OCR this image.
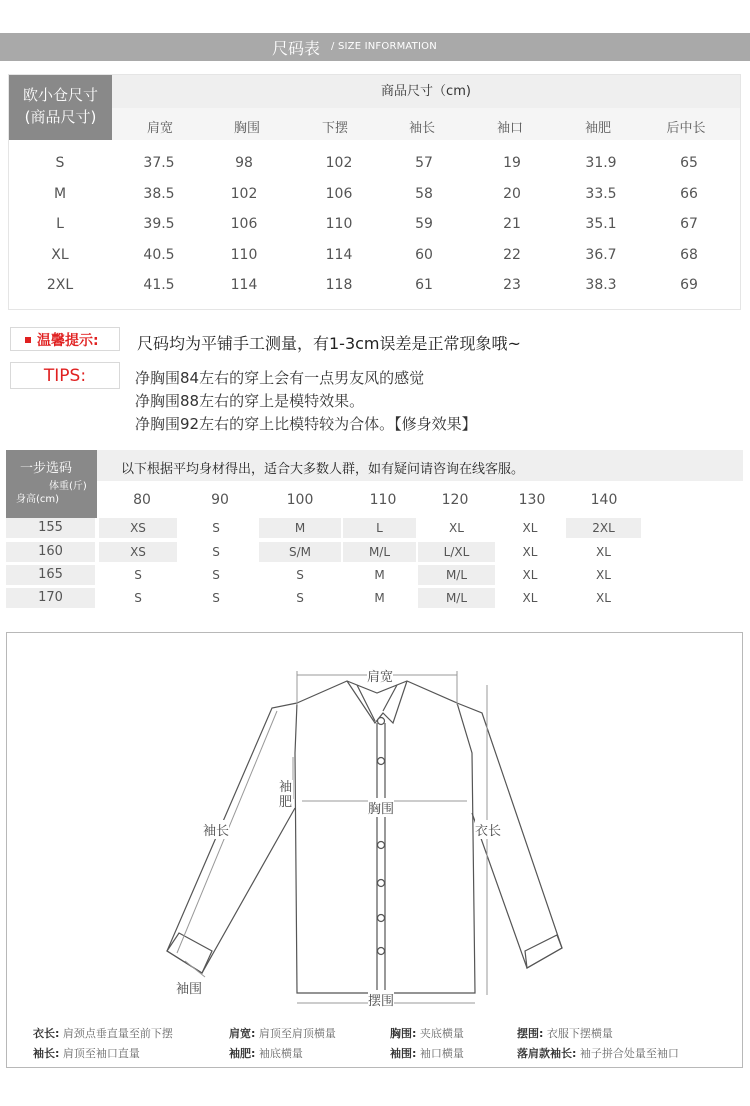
尺码表 / SIZE INFORMATION
欧小仓尺寸
(商品尺寸)
商品尺寸（cm)
肩宽	胸围	下摆	袖长	袖口	袖肥	后中长
S	37.5	98	102	57	19	31.9	65
M	38.5	102	106	58	20	33.5	66
L	39.5	106	110	59	21	35.1	67
XL	40.5	110	114	60	22	36.7	68
2XL	41.5	114	118	61	23	38.3	69
温馨提示: 尺码均为平铺手工测量，有1-3cm误差是正常现象哦~
TIPS:	净胸围84左右的穿上会有一点男友风的感觉
净胸围88左右的穿上是模特效果。
净胸围92左右的穿上比模特较为合体。【修身效果】
一步选码
体重(斤)
身高(cm)
以下根据平均身材得出，适合大多数人群，如有疑问请咨询在线客服。
80	90	100	110	120	130	140
155	XS	S	M	L	XL	XL	2XL
160	XS	S	S/M	M/L	L/XL	XL	XL
165	S	S	S	M	M/L	XL	XL
170	S	S	S	M	M/L	XL	XL
肩宽
袖
肥	胸围
袖长	衣长
袖围
摆围
衣长: 肩颈点垂直量至前下摆	肩宽: 肩顶至肩顶横量	胸围: 夹底横量	摆围: 衣服下摆横量
袖长: 肩顶至袖口直量	袖肥: 袖底横量	袖围: 袖口横量	落肩款袖长: 袖子拼合处量至袖口
